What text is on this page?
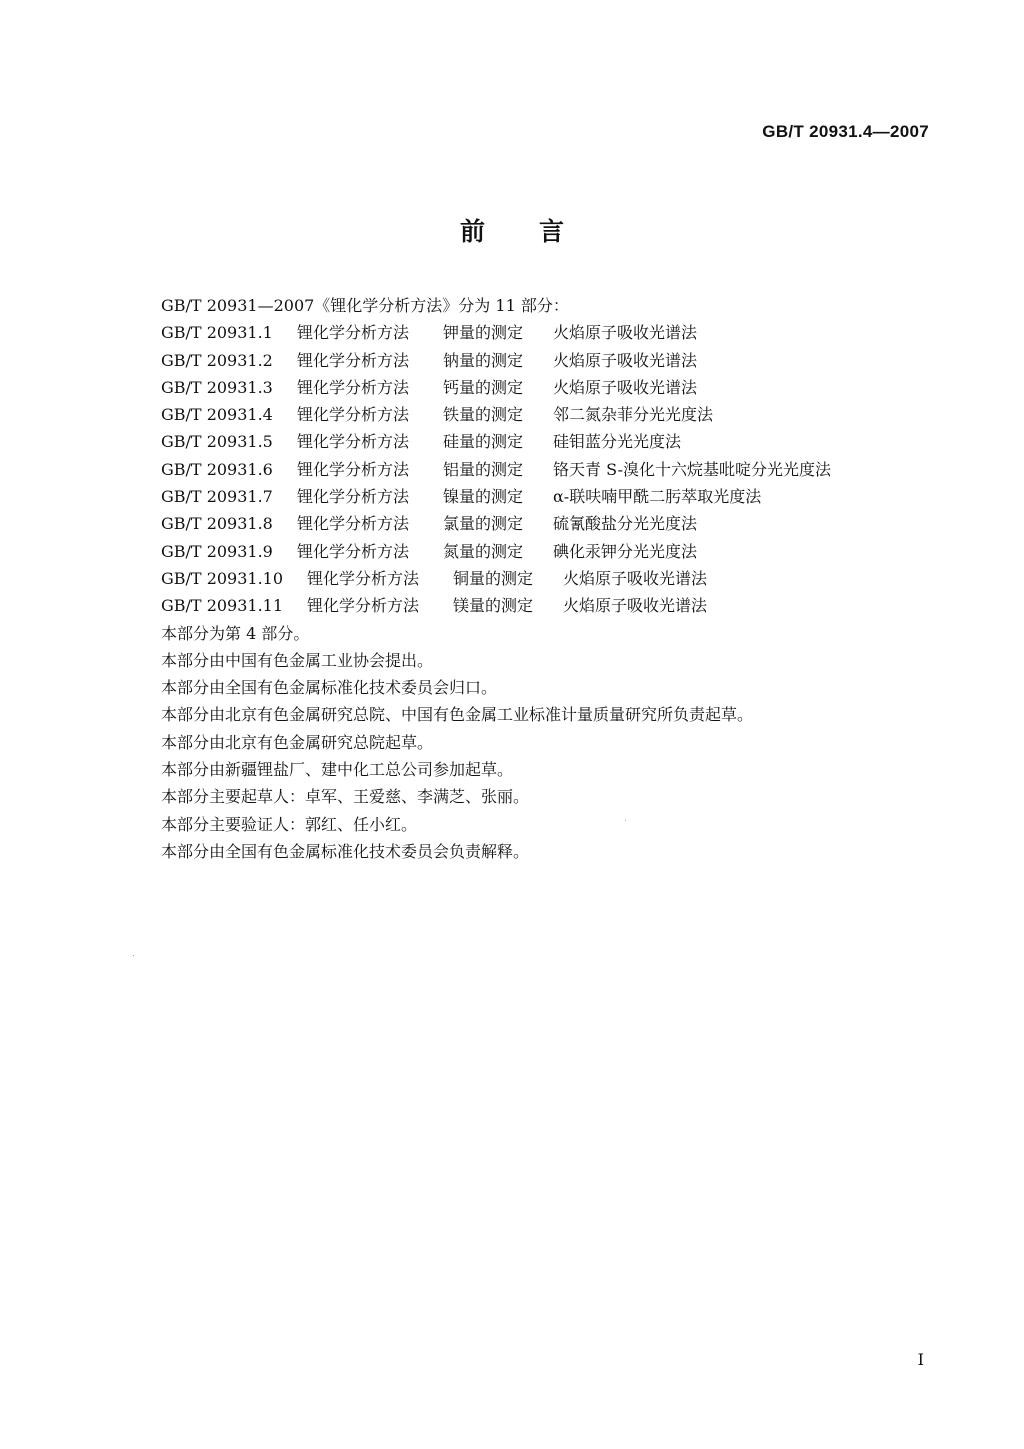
GB/T 20931.4—2007
前 言
GB/T 20931—2007《锂化学分析方法》分为 11 部分：
GB/T 20931.1 锂化学分析方法 钾量的测定 火焰原子吸收光谱法
GB/T 20931.2 锂化学分析方法 钠量的测定 火焰原子吸收光谱法
GB/T 20931.3 锂化学分析方法 钙量的测定 火焰原子吸收光谱法
GB/T 20931.4 锂化学分析方法 铁量的测定 邻二氮杂菲分光光度法
GB/T 20931.5 锂化学分析方法 硅量的测定 硅钼蓝分光光度法
GB/T 20931.6 锂化学分析方法 铝量的测定 铬天青 S-溴化十六烷基吡啶分光光度法
GB/T 20931.7 锂化学分析方法 镍量的测定 α-联呋喃甲酰二肟萃取光度法
GB/T 20931.8 锂化学分析方法 氯量的测定 硫氰酸盐分光光度法
GB/T 20931.9 锂化学分析方法 氮量的测定 碘化汞钾分光光度法
GB/T 20931.10 锂化学分析方法 铜量的测定 火焰原子吸收光谱法
GB/T 20931.11 锂化学分析方法 镁量的测定 火焰原子吸收光谱法
本部分为第 4 部分。
本部分由中国有色金属工业协会提出。
本部分由全国有色金属标准化技术委员会归口。
本部分由北京有色金属研究总院、中国有色金属工业标准计量质量研究所负责起草。
本部分由北京有色金属研究总院起草。
本部分由新疆锂盐厂、建中化工总公司参加起草。
本部分主要起草人：卓军、王爱慈、李满芝、张丽。
本部分主要验证人：郭红、任小红。
本部分由全国有色金属标准化技术委员会负责解释。
I
